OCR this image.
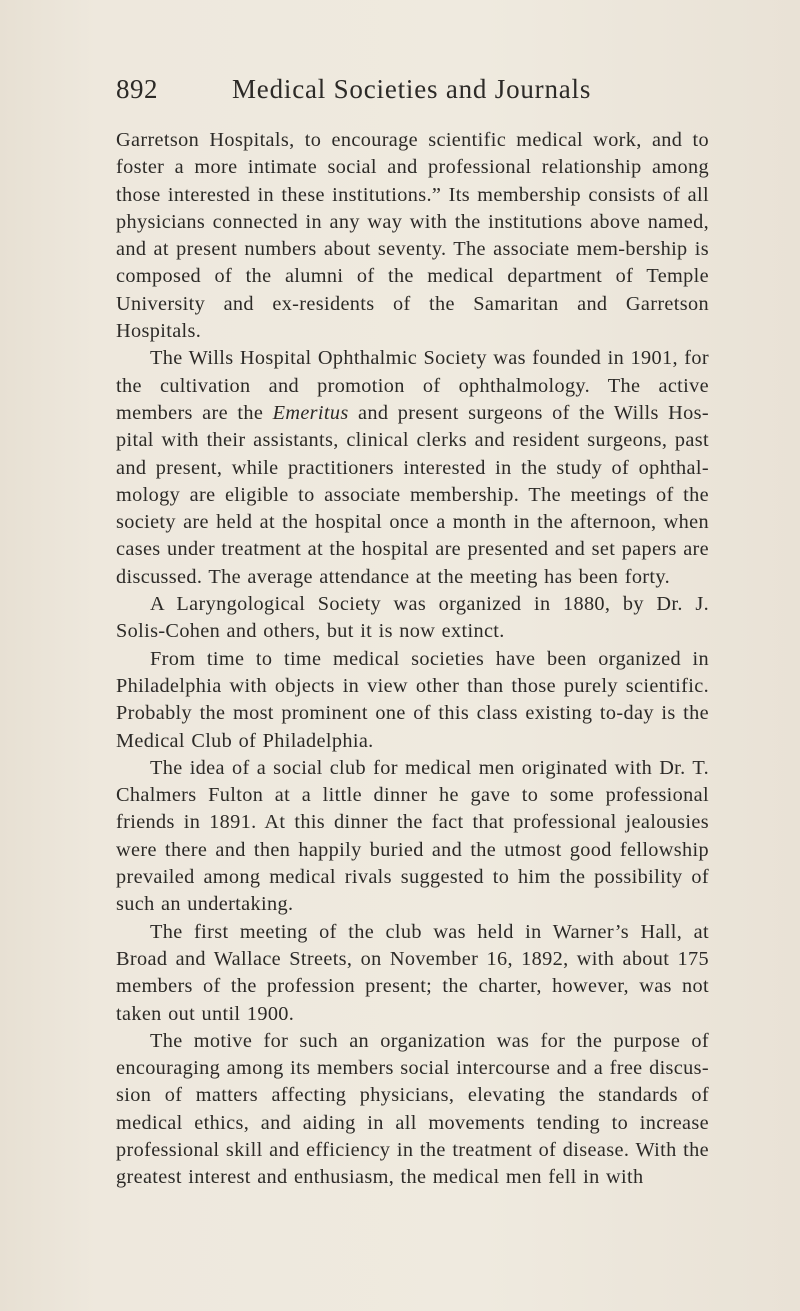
892	Medical Societies and Journals

Garretson Hospitals, to encourage scientific medical work, and to foster a more intimate social and professional relationship among those interested in these institutions.” Its membership consists of all physicians connected in any way with the institutions above named, and at present numbers about seventy. The associate mem-bership is composed of the alumni of the medical department of Temple University and ex-residents of the Samaritan and Garretson Hospitals.

The Wills Hospital Ophthalmic Society was founded in 1901, for the cultivation and promotion of ophthalmology. The active members are the Emeritus and present surgeons of the Wills Hos-pital with their assistants, clinical clerks and resident surgeons, past and present, while practitioners interested in the study of ophthal-mology are eligible to associate membership. The meetings of the society are held at the hospital once a month in the afternoon, when cases under treatment at the hospital are presented and set papers are discussed. The average attendance at the meeting has been forty.

A Laryngological Society was organized in 1880, by Dr. J. Solis-Cohen and others, but it is now extinct.

From time to time medical societies have been organized in Philadelphia with objects in view other than those purely scientific. Probably the most prominent one of this class existing to-day is the Medical Club of Philadelphia.

The idea of a social club for medical men originated with Dr. T. Chalmers Fulton at a little dinner he gave to some professional friends in 1891. At this dinner the fact that professional jealousies were there and then happily buried and the utmost good fellowship prevailed among medical rivals suggested to him the possibility of such an undertaking.

The first meeting of the club was held in Warner’s Hall, at Broad and Wallace Streets, on November 16, 1892, with about 175 members of the profession present; the charter, however, was not taken out until 1900.

The motive for such an organization was for the purpose of encouraging among its members social intercourse and a free discus-sion of matters affecting physicians, elevating the standards of medical ethics, and aiding in all movements tending to increase professional skill and efficiency in the treatment of disease. With the greatest interest and enthusiasm, the medical men fell in with
